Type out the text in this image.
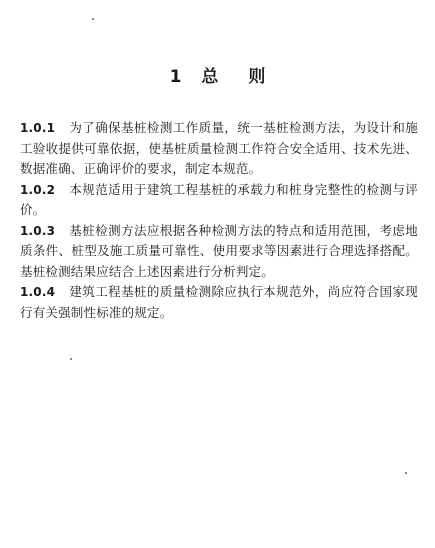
1 总 则

1.0.1 为了确保基桩检测工作质量，统一基桩检测方法，为设计和施工验收提供可靠依据，使基桩质量检测工作符合安全适用、技术先进、数据准确、正确评价的要求，制定本规范。

1.0.2 本规范适用于建筑工程基桩的承载力和桩身完整性的检测与评价。

1.0.3 基桩检测方法应根据各种检测方法的特点和适用范围，考虑地质条件、桩型及施工质量可靠性、使用要求等因素进行合理选择搭配。基桩检测结果应结合上述因素进行分析判定。

1.0.4 建筑工程基桩的质量检测除应执行本规范外，尚应符合国家现行有关强制性标准的规定。
